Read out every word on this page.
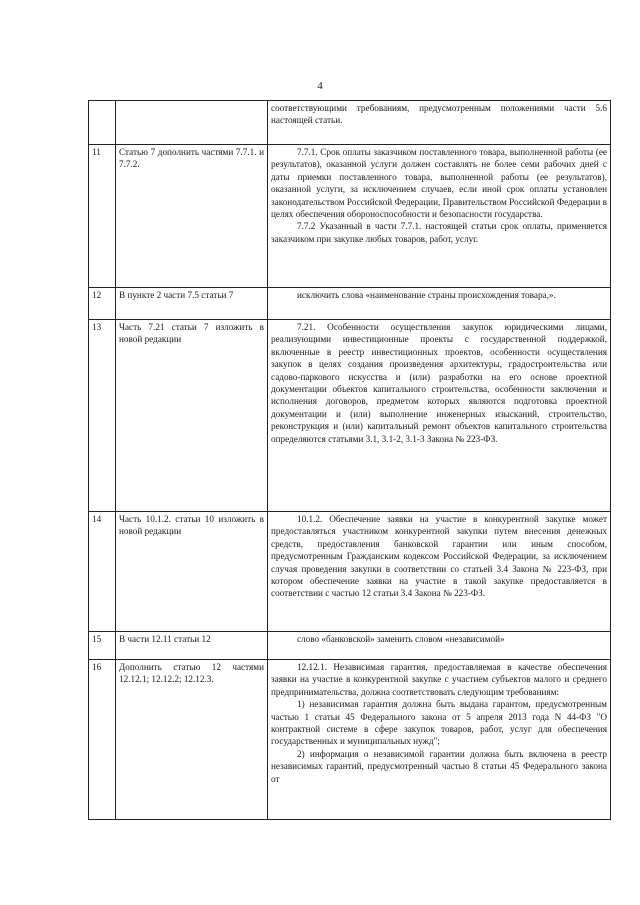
4

		соответствующими требованиям, предусмотренным положениями части 5.6 настоящей статьи.

11	Статью 7 дополнить частями 7.7.1. и 7.7.2.	7.7.1. Срок оплаты заказчиком поставленного товара, выполненной работы (ее результатов), оказанной услуги должен составлять не более семи рабочих дней с даты приемки поставленного товара, выполненной работы (ее результатов), оказанной услуги, за исключением случаев, если иной срок оплаты установлен законодательством Российской Федерации, Правительством Российской Федерации в целях обеспечения обороноспособности и безопасности государства.

7.7.2 Указанный в части 7.7.1. настоящей статьи срок оплаты, применяется заказчиком при закупке любых товаров, работ, услуг.

12	В пункте 2 части 7.5 статьи 7	исключить слова «наименование страны происхождения товара,».

13	Часть 7.21 статьи 7 изложить в новой редакции	7.21. Особенности осуществления закупок юридическими лицами, реализующими инвестиционные проекты с государственной поддержкой, включенные в реестр инвестиционных проектов, особенности осуществления закупок в целях создания произведения архитектуры, градостроительства или садово-паркового искусства и (или) разработки на его основе проектной документации объектов капитального строительства, особенности заключения и исполнения договоров, предметом которых являются подготовка проектной документации и (или) выполнение инженерных изысканий, строительство, реконструкция и (или) капитальный ремонт объектов капитального строительства определяются статьями 3.1, 3.1-2, 3.1-3 Закона № 223-ФЗ.

14	Часть 10.1.2. статьи 10 изложить в новой редакции	10.1.2. Обеспечение заявки на участие в конкурентной закупке может предоставляться участником конкурентной закупки путем внесения денежных средств, предоставления банковской гарантии или иным способом, предусмотренным Гражданским кодексом Российской Федерации, за исключением случая проведения закупки в соответствии со статьей 3.4 Закона № 223-ФЗ, при котором обеспечение заявки на участие в такой закупке предоставляется в соответствии с частью 12 статьи 3.4 Закона № 223-ФЗ.

15	В части 12.11 статьи 12	слово «банковской» заменить словом «независимой»

16	Дополнить статью 12 частями 12.12.1; 12.12.2; 12.12.3.	12.12.1. Независимая гарантия, предоставляемая в качестве обеспечения заявки на участие в конкурентной закупке с участием субъектов малого и среднего предпринимательства, должна соответствовать следующим требованиям:

1) независимая гарантия должна быть выдана гарантом, предусмотренным частью 1 статьи 45 Федерального закона от 5 апреля 2013 года N 44-ФЗ "О контрактной системе в сфере закупок товаров, работ, услуг для обеспечения государственных и муниципальных нужд";

2) информация о независимой гарантии должна быть включена в реестр независимых гарантий, предусмотренный частью 8 статьи 45 Федерального закона от
